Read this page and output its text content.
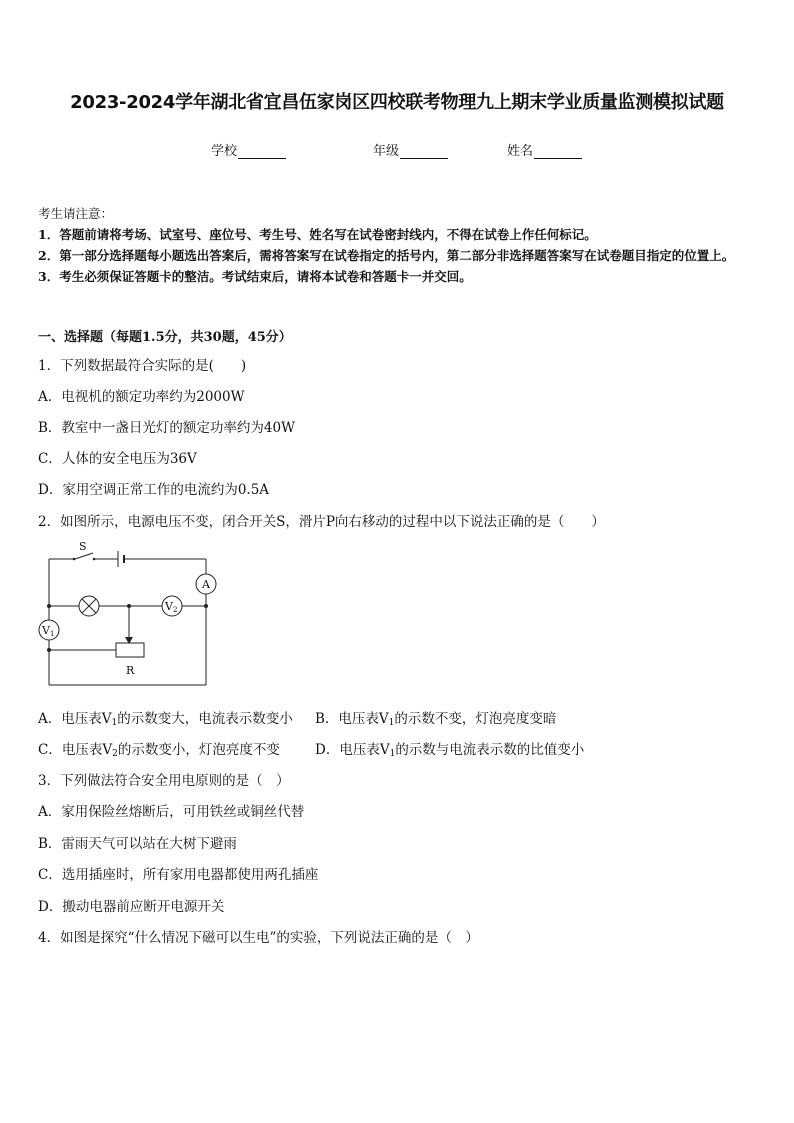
2023-2024学年湖北省宜昌伍家岗区四校联考物理九上期末学业质量监测模拟试题
学校	年级	姓名
考生请注意：
1．答题前请将考场、试室号、座位号、考生号、姓名写在试卷密封线内，不得在试卷上作任何标记。
2．第一部分选择题每小题选出答案后，需将答案写在试卷指定的括号内，第二部分非选择题答案写在试卷题目指定的位置上。
3．考生必须保证答题卡的整洁。考试结束后，请将本试卷和答题卡一并交回。
一、选择题（每题1.5分，共30题，45分）
1．下列数据最符合实际的是(　　)
A．电视机的额定功率约为2000W
B．教室中一盏日光灯的额定功率约为40W
C．人体的安全电压为36V
D．家用空调正常工作的电流约为0.5A
2．如图所示，电源电压不变，闭合开关S，滑片P向右移动的过程中以下说法正确的是（　　）
S
A
V 2
V 1
R
A．电压表$V_1$的示数变大，电流表示数变小 B．电压表$V_1$的示数不变，灯泡亮度变暗
C．电压表$V_2$的示数变小，灯泡亮度不变	D．电压表$V_1$的示数与电流表示数的比值变小
3．下列做法符合安全用电原则的是（　）
A．家用保险丝熔断后，可用铁丝或铜丝代替
B．雷雨天气可以站在大树下避雨
C．选用插座时，所有家用电器都使用两孔插座
D．搬动电器前应断开电源开关
4．如图是探究“什么情况下磁可以生电”的实验，下列说法正确的是（　）
